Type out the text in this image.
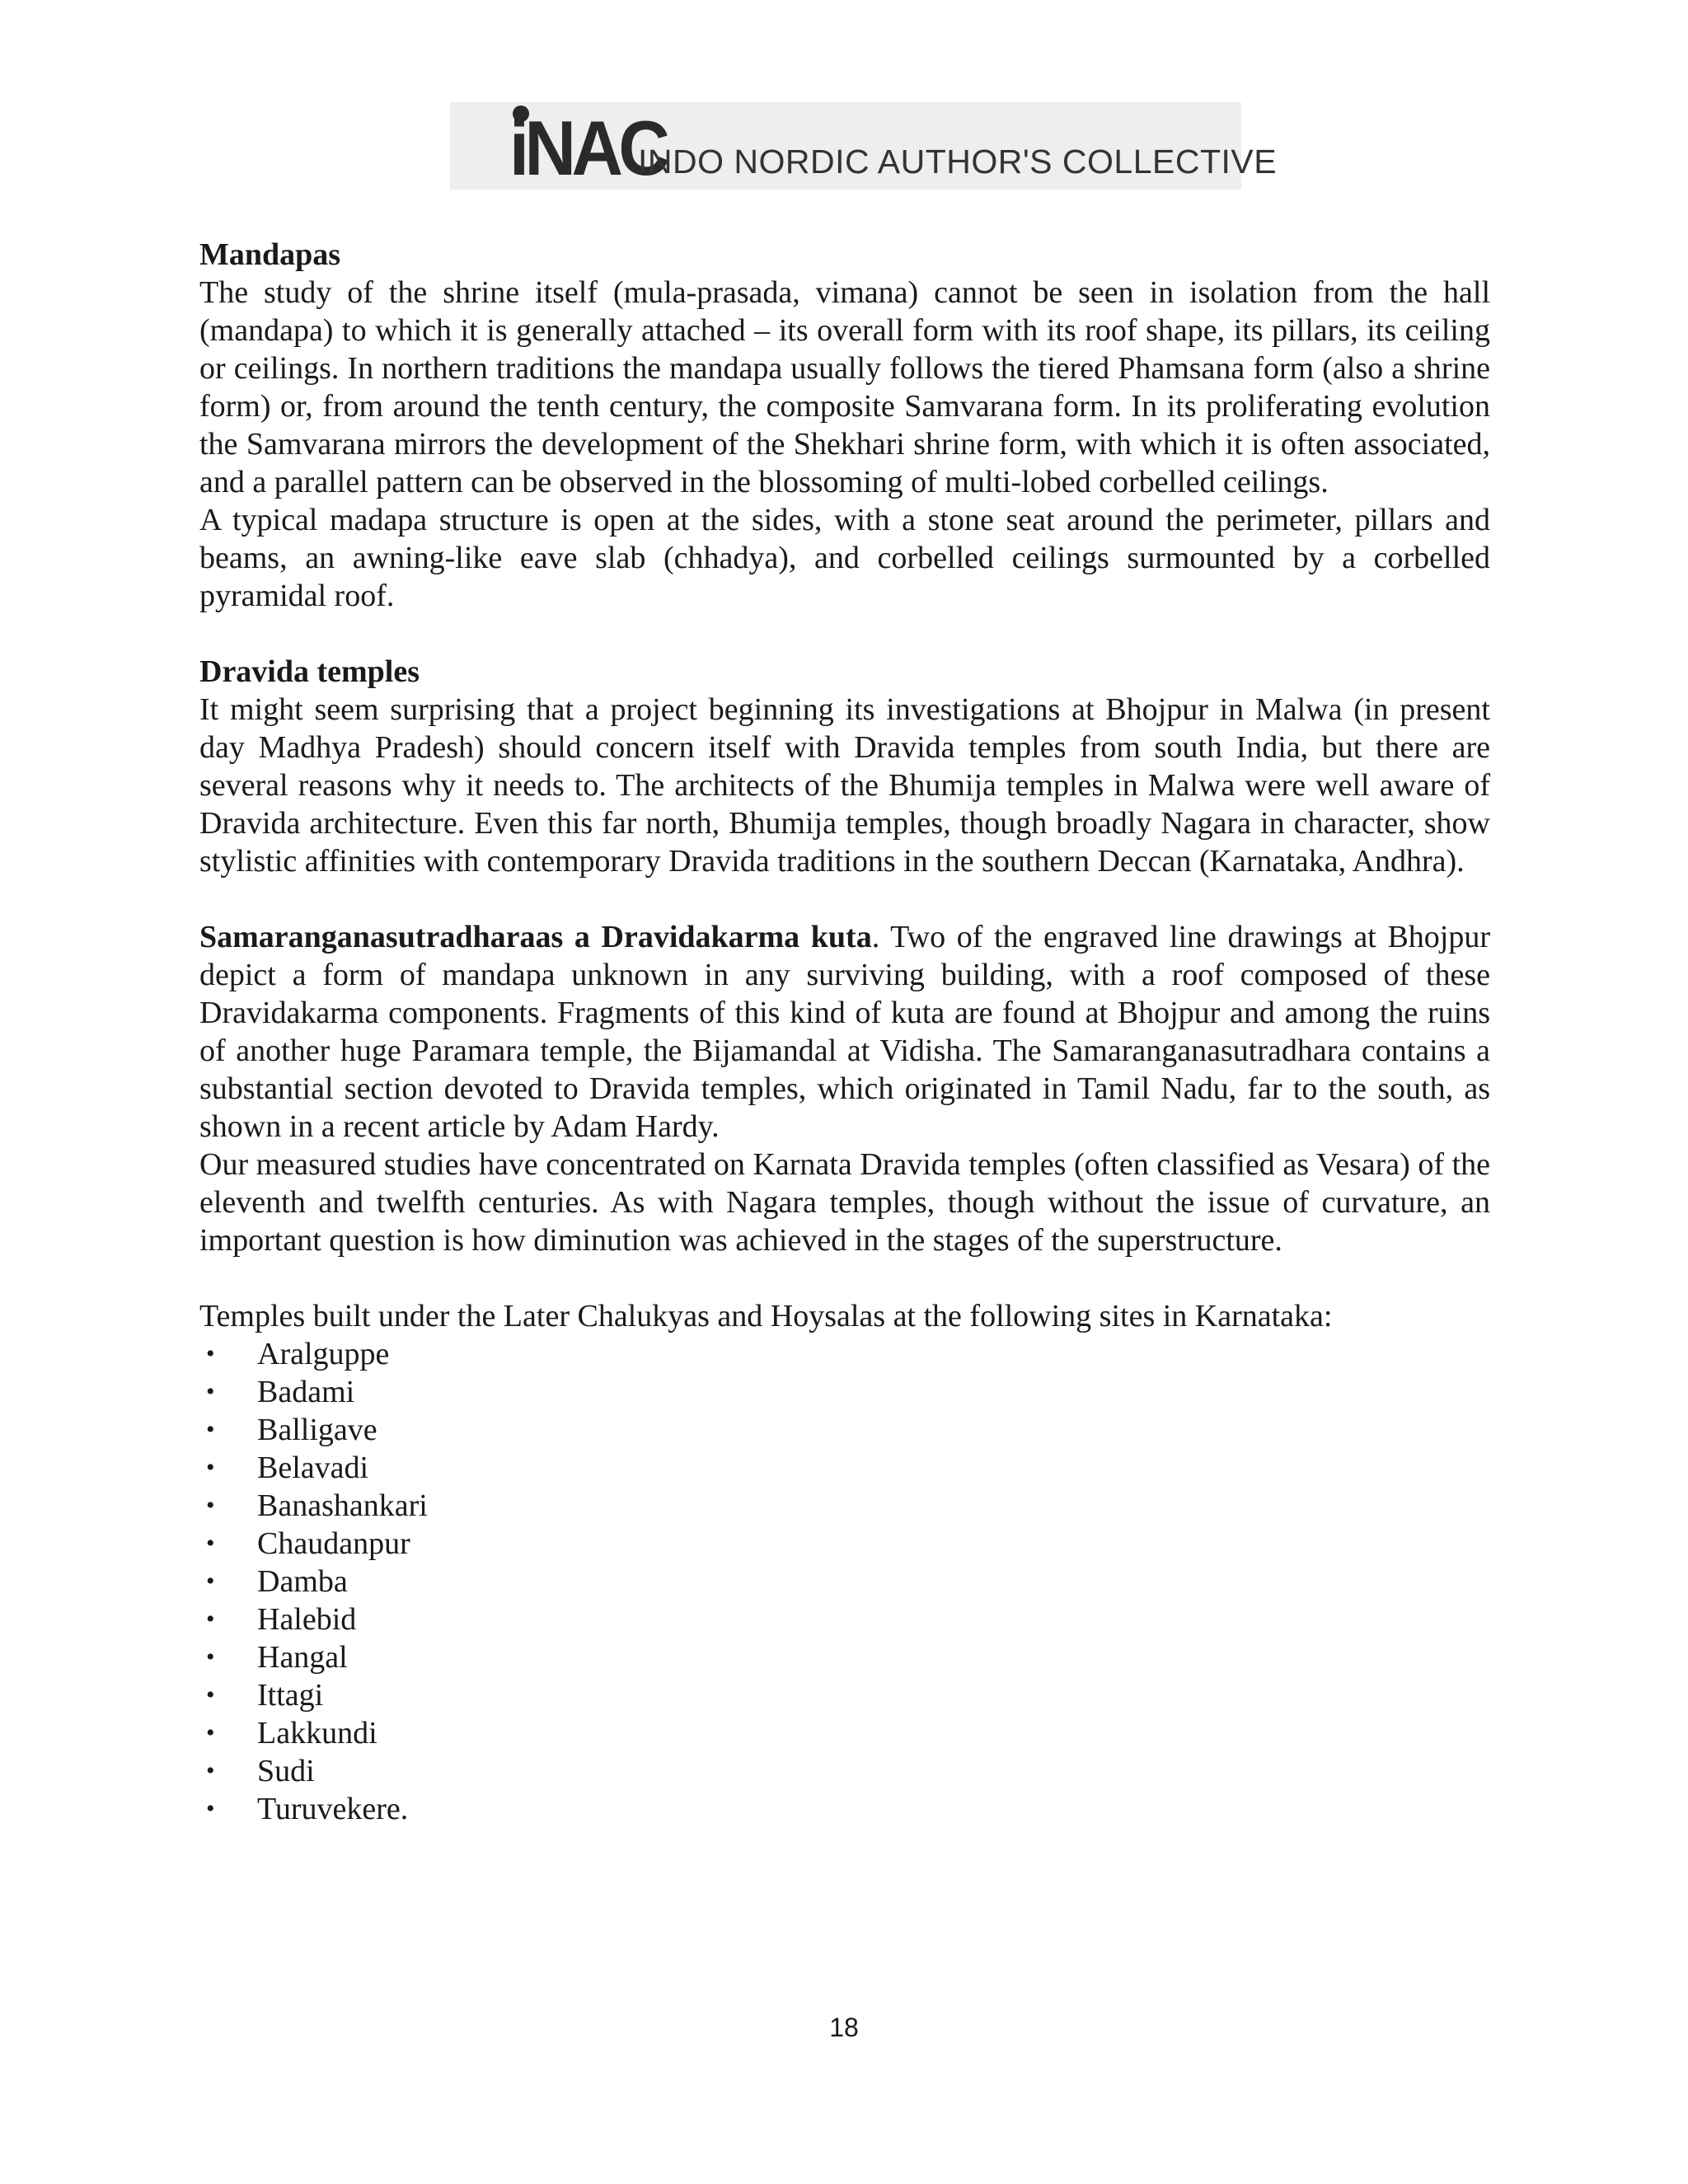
iNAC
INDO NORDIC AUTHOR'S COLLECTIVE
Mandapas

The study of the shrine itself (mula-prasada, vimana) cannot be seen in isolation from the hall (mandapa) to which it is generally attached – its overall form with its roof shape, its pillars, its ceiling or ceilings. In northern traditions the mandapa usually follows the tiered Phamsana form (also a shrine form) or, from around the tenth century, the composite Samvarana form. In its proliferating evolution the Samvarana mirrors the development of the Shekhari shrine form, with which it is often associated, and a parallel pattern can be observed in the blossoming of multi-lobed corbelled ceilings.

A typical madapa structure is open at the sides, with a stone seat around the perimeter, pillars and beams, an awning-like eave slab (chhadya), and corbelled ceilings surmounted by a corbelled pyramidal roof.

Dravida temples

It might seem surprising that a project beginning its investigations at Bhojpur in Malwa (in present day Madhya Pradesh) should concern itself with Dravida temples from south India, but there are several reasons why it needs to. The architects of the Bhumija temples in Malwa were well aware of Dravida architecture. Even this far north, Bhumija temples, though broadly Nagara in character, show stylistic affinities with contemporary Dravida traditions in the southern Deccan (Karnataka, Andhra).

Samaranganasutradharaas a Dravidakarma kuta. Two of the engraved line drawings at Bhojpur depict a form of mandapa unknown in any surviving building, with a roof composed of these Dravidakarma components. Fragments of this kind of kuta are found at Bhojpur and among the ruins of another huge Paramara temple, the Bijamandal at Vidisha. The Samaranganasutradhara contains a substantial section devoted to Dravida temples, which originated in Tamil Nadu, far to the south, as shown in a recent article by Adam Hardy.

Our measured studies have concentrated on Karnata Dravida temples (often classified as Vesara) of the eleventh and twelfth centuries. As with Nagara temples, though without the issue of curvature, an important question is how diminution was achieved in the stages of the superstructure.

Temples built under the Later Chalukyas and Hoysalas at the following sites in Karnataka:

• Aralguppe
• Badami
• Balligave
• Belavadi
• Banashankari
• Chaudanpur
• Damba
• Halebid
• Hangal
• Ittagi
• Lakkundi
• Sudi
• Turuvekere.
18
